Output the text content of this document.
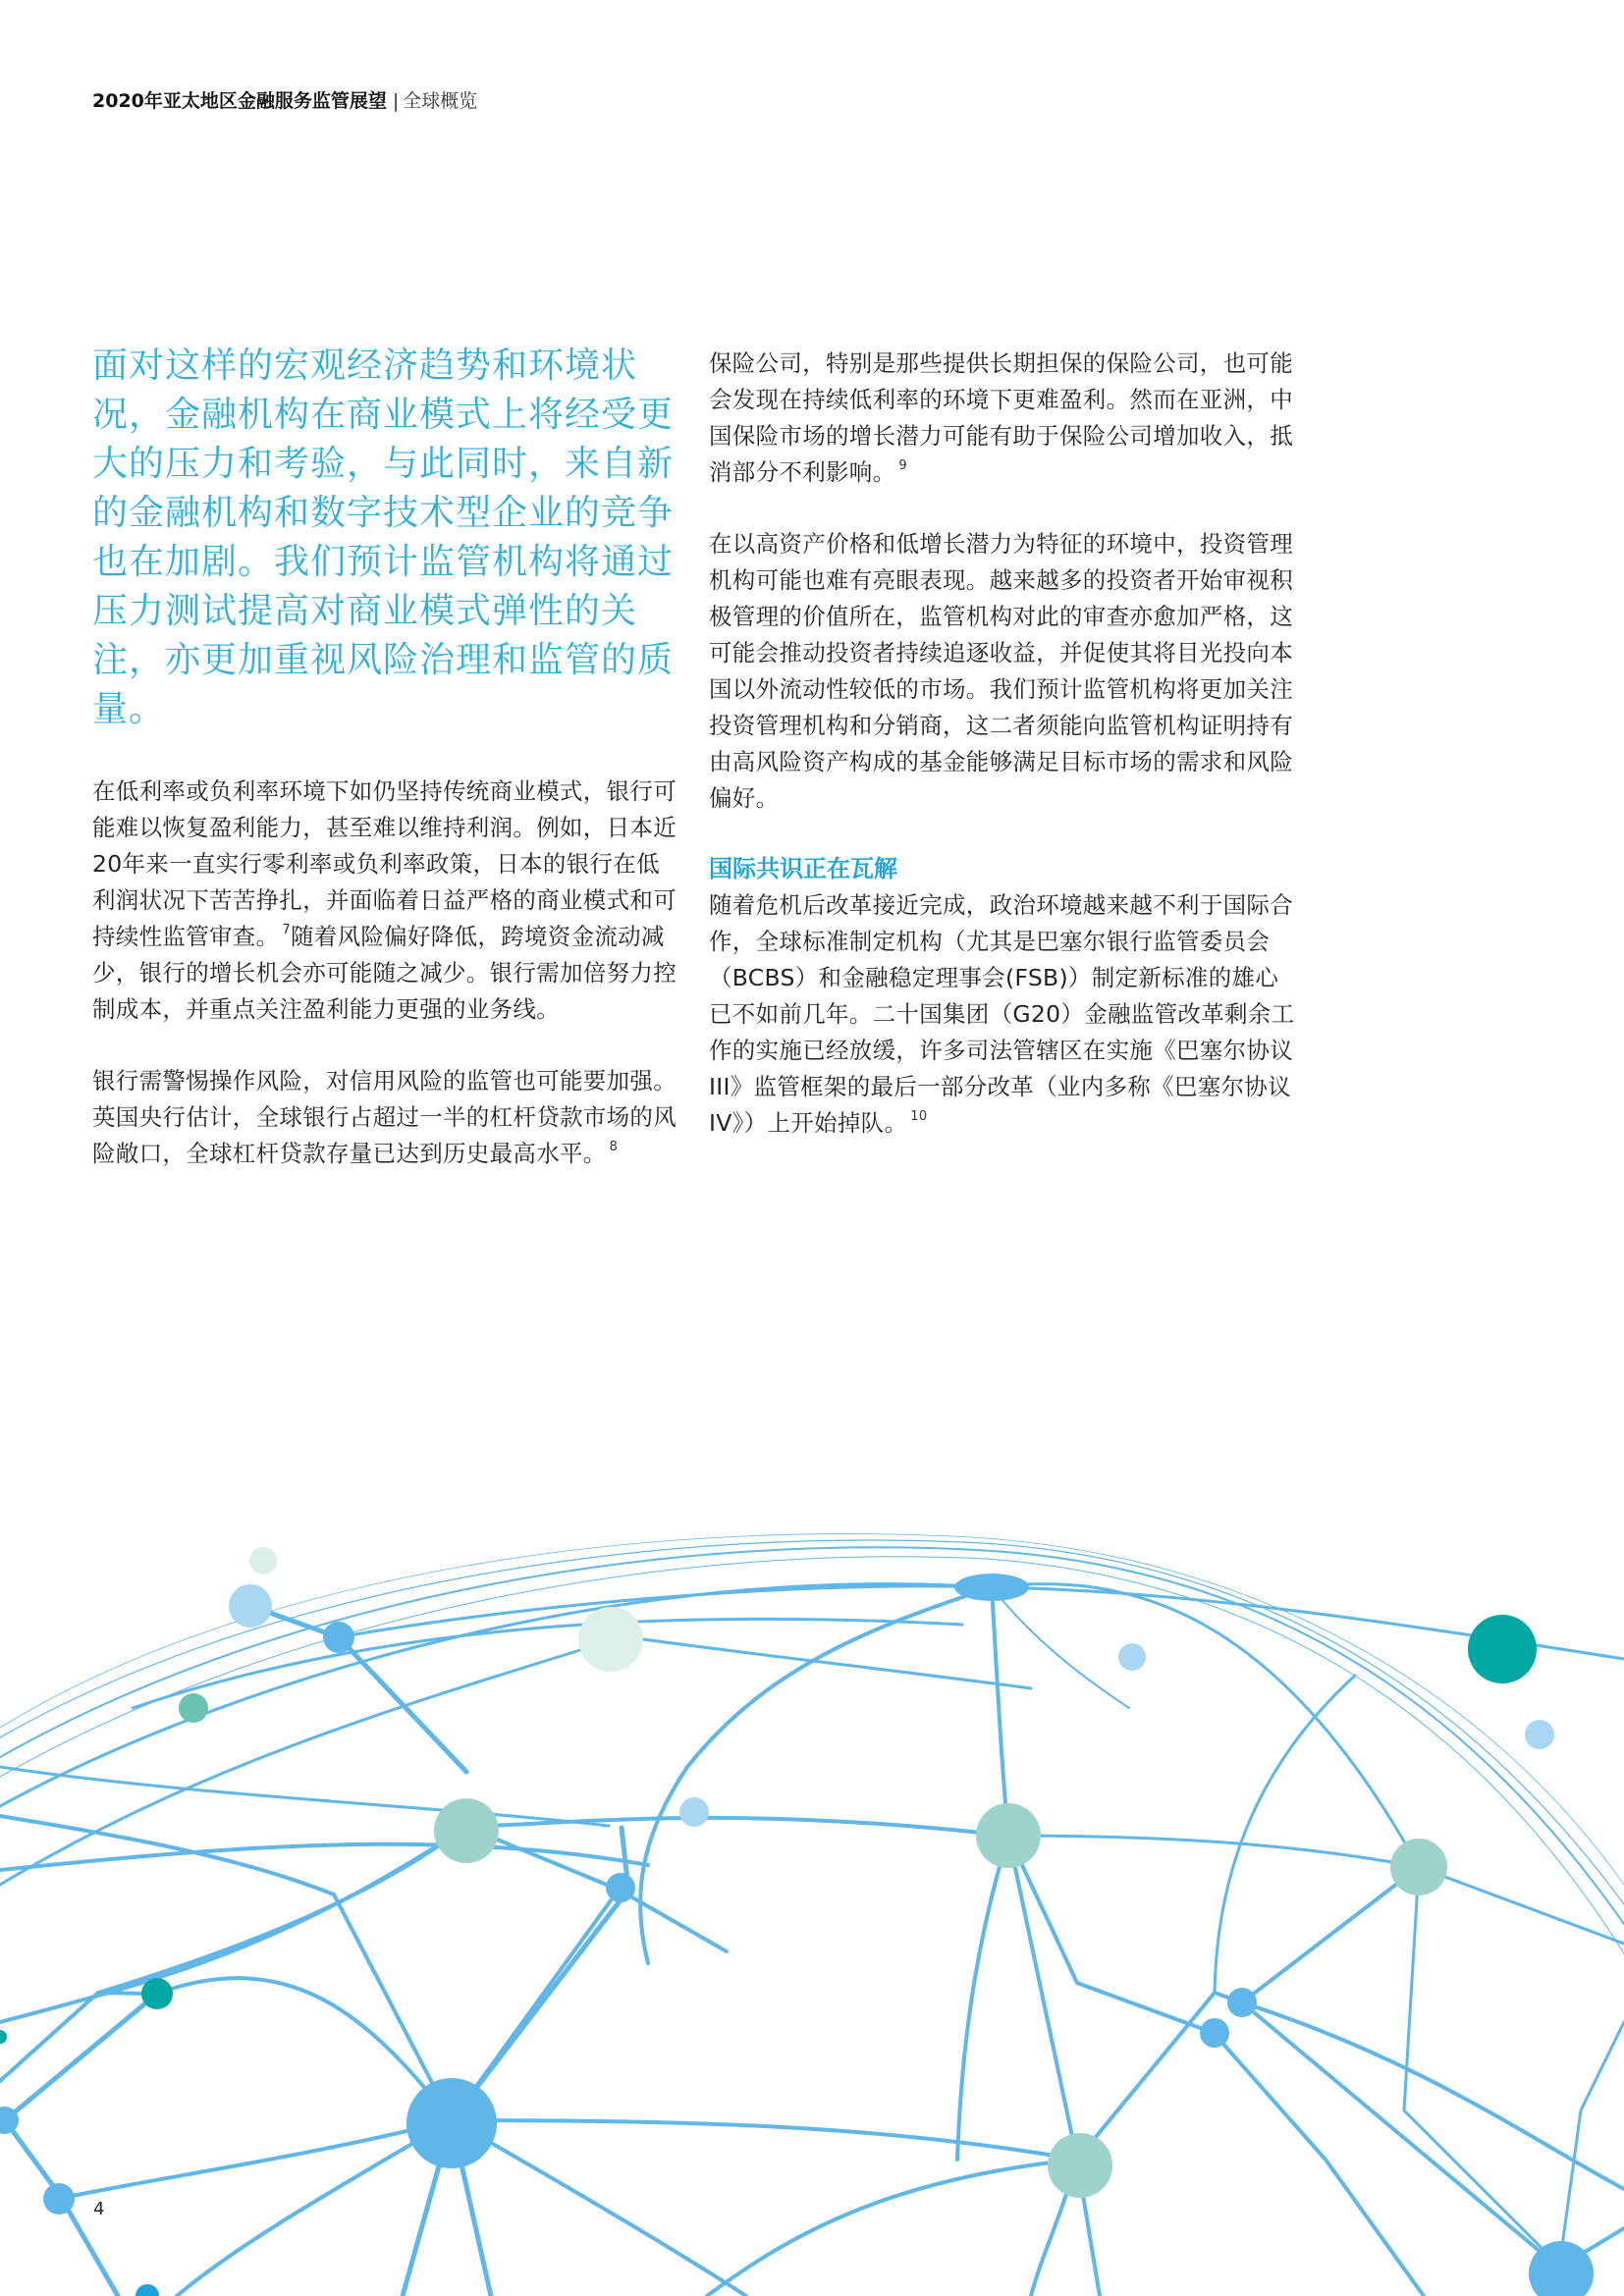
2020年亚太地区金融服务监管展望 | 全球概览

面对这样的宏观经济趋势和环境状况，金融机构在商业模式上将经受更大的压力和考验，与此同时，来自新的金融机构和数字技术型企业的竞争也在加剧。我们预计监管机构将通过压力测试提高对商业模式弹性的关注，亦更加重视风险治理和监管的质量。

在低利率或负利率环境下如仍坚持传统商业模式，银行可能难以恢复盈利能力，甚至难以维持利润。例如，日本近20年来一直实行零利率或负利率政策，日本的银行在低利润状况下苦苦挣扎，并面临着日益严格的商业模式和可持续性监管审查。 $^7$随着风险偏好降低，跨境资金流动减少，银行的增长机会亦可能随之减少。银行需加倍努力控制成本，并重点关注盈利能力更强的业务线。

银行需警惕操作风险，对信用风险的监管也可能要加强。英国央行估计，全球银行占超过一半的杠杆贷款市场的风险敞口，全球杠杆贷款存量已达到历史最高水平。 $^8$

保险公司，特别是那些提供长期担保的保险公司，也可能会发现在持续低利率的环境下更难盈利。然而在亚洲，中国保险市场的增长潜力可能有助于保险公司增加收入，抵消部分不利影响。 $^9$

在以高资产价格和低增长潜力为特征的环境中，投资管理机构可能也难有亮眼表现。越来越多的投资者开始审视积极管理的价值所在，监管机构对此的审查亦愈加严格，这可能会推动投资者持续追逐收益，并促使其将目光投向本国以外流动性较低的市场。我们预计监管机构将更加关注投资管理机构和分销商，这二者须能向监管机构证明持有由高风险资产构成的基金能够满足目标市场的需求和风险偏好。

国际共识正在瓦解

随着危机后改革接近完成，政治环境越来越不利于国际合作，全球标准制定机构（尤其是巴塞尔银行监管委员会（BCBS）和金融稳定理事会(FSB)）制定新标准的雄心已不如前几年。二十国集团（G20）金融监管改革剩余工作的实施已经放缓，许多司法管辖区在实施《巴塞尔协议III》监管框架的最后一部分改革（业内多称《巴塞尔协议IV》）上开始掉队。 $^{10}$

4
